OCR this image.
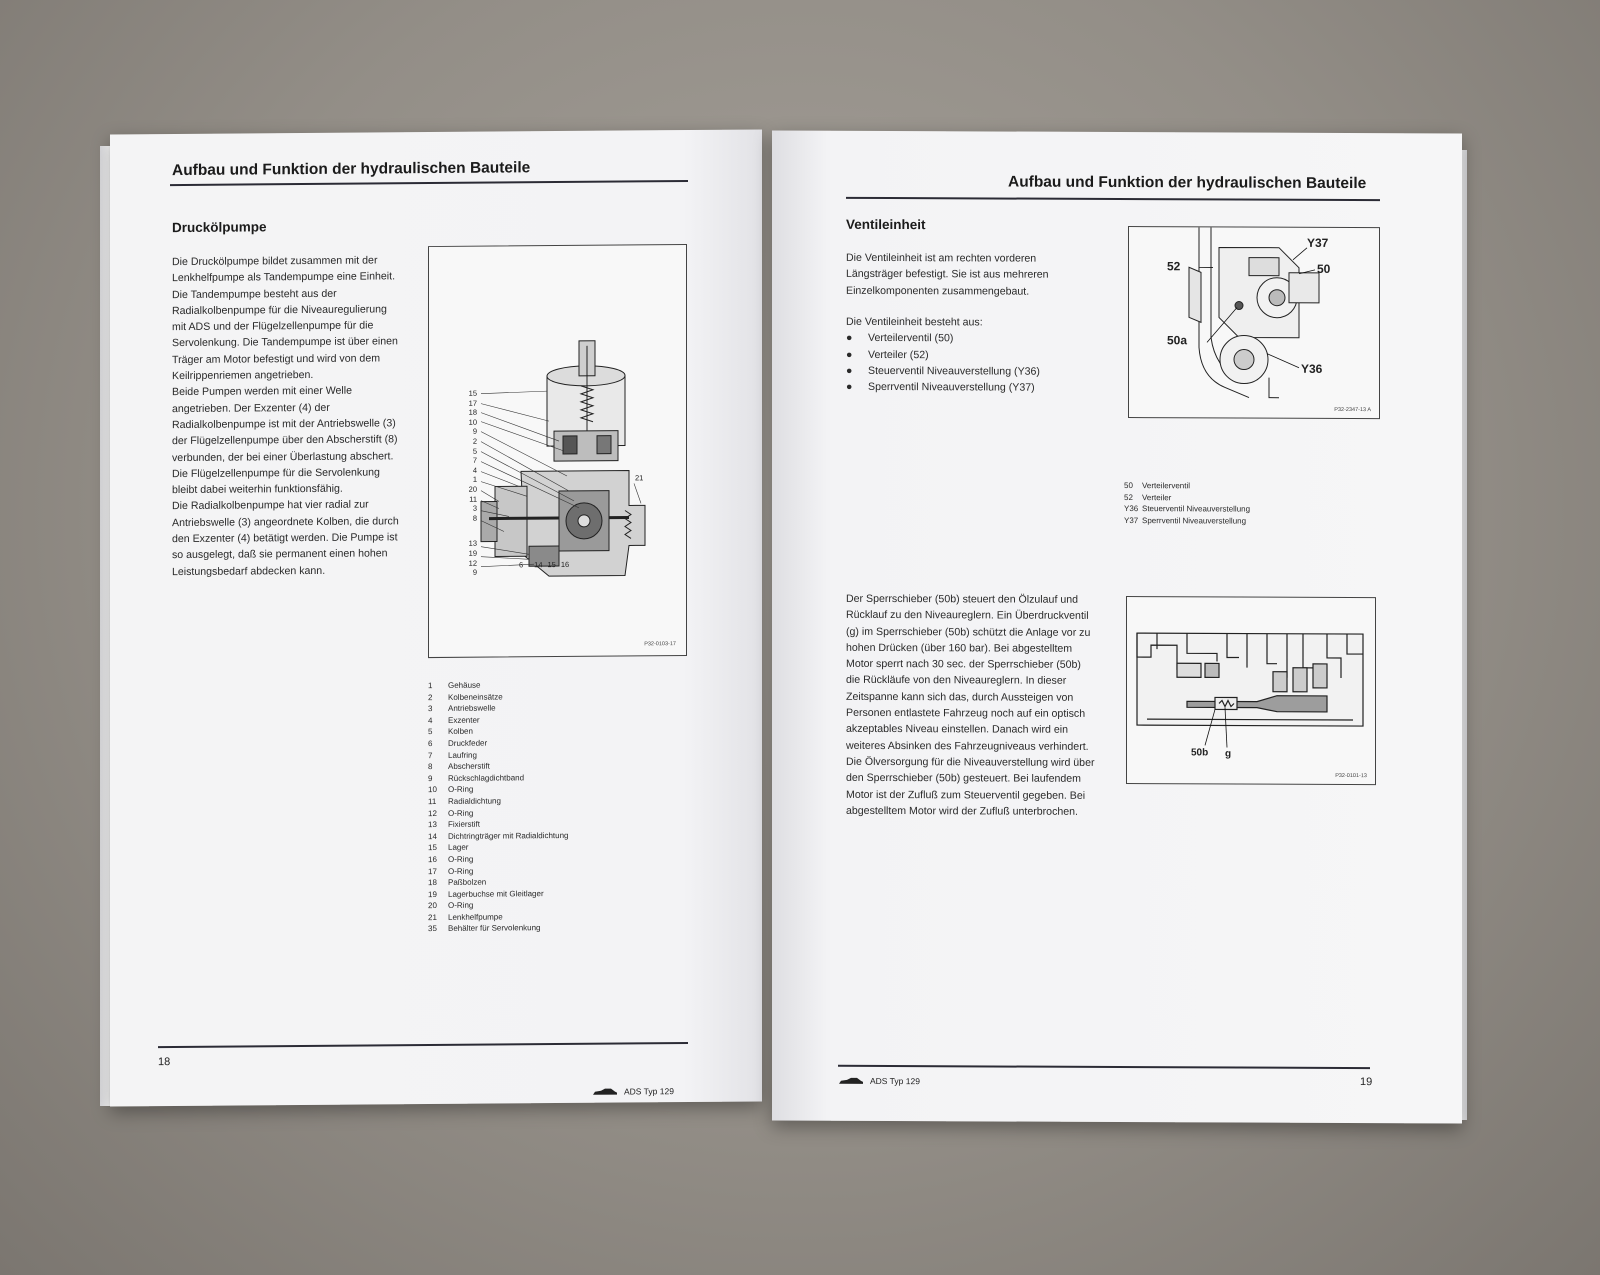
Aufbau und Funktion der hydraulischen Bauteile
Druckölpumpe

Die Druckölpumpe bildet zusammen mit der Lenkhelfpumpe als Tandempumpe eine Einheit. Die Tandempumpe besteht aus der Radialkolbenpumpe für die Niveauregulierung mit ADS und der Flügelzellenpumpe für die Servolenkung. Die Tandempumpe ist über einen Träger am Motor befestigt und wird von dem Keilrippenriemen angetrieben.

Beide Pumpen werden mit einer Welle angetrieben. Der Exzenter (4) der Radialkolbenpumpe ist mit der Antriebswelle (3) der Flügelzellenpumpe über den Abscherstift (8) verbunden, der bei einer Überlastung abschert. Die Flügelzellenpumpe für die Servolenkung bleibt dabei weiterhin funktionsfähig.

Die Radialkolbenpumpe hat vier radial zur Antriebswelle (3) angeordnete Kolben, die durch den Exzenter (4) betätigt werden. Die Pumpe ist so ausgelegt, daß sie permanent einen hohen Leistungsbedarf abdecken kann.

15
17
18
10
9
2
5
7
4
1
20
11
3
8
13
19
12
9
21
6 14 15 16
P32-0103-17
1	Gehäuse
2	Kolbeneinsätze
3	Antriebswelle
4	Exzenter
5	Kolben
6	Druckfeder
7	Laufring
8	Abscherstift
9	Rückschlagdichtband
10	O-Ring
11	Radialdichtung
12	O-Ring
13	Fixierstift
14	Dichtringträger mit Radialdichtung
15	Lager
16	O-Ring
17	O-Ring
18	Paßbolzen
19	Lagerbuchse mit Gleitlager
20	O-Ring
21	Lenkhelfpumpe
35	Behälter für Servolenkung
18
ADS Typ 129
Aufbau und Funktion der hydraulischen Bauteile
Ventileinheit
Die Ventileinheit ist am rechten vorderen Längsträger befestigt. Sie ist aus mehreren Einzelkomponenten zusammengebaut.

Die Ventileinheit besteht aus:

●	Verteilerventil (50)
●	Verteiler (52)
●	Steuerventil Niveauverstellung (Y36)
●	Sperrventil Niveauverstellung (Y37)
Y37
52	50
50a
Y36
P32-2347-13 A
50	Verteilerventil
52	Verteiler
Y36 Steuerventil Niveauverstellung
Y37 Sperrventil Niveauverstellung
Der Sperrschieber (50b) steuert den Ölzulauf und Rücklauf zu den Niveaureglern. Ein Überdruckventil (g) im Sperrschieber (50b) schützt die Anlage vor zu hohen Drücken (über 160 bar). Bei abgestelltem Motor sperrt nach 30 sec. der Sperrschieber (50b) die Rückläufe von den Niveaureglern. In dieser Zeitspanne kann sich das, durch Aussteigen von Personen entlastete Fahrzeug noch auf ein optisch akzeptables Niveau einstellen. Danach wird ein weiteres Absinken des Fahrzeugniveaus verhindert. Die Ölversorgung für die Niveauverstellung wird über den Sperrschieber (50b) gesteuert. Bei laufendem Motor ist der Zufluß zum Steuerventil gegeben. Bei abgestelltem Motor wird der Zufluß unterbrochen.
50b g
P32-0101-13
ADS Typ 129	19
